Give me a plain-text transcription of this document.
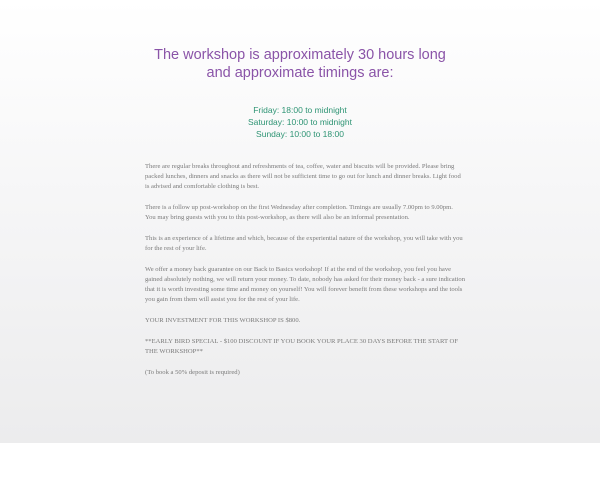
The workshop is approximately 30 hours long
and approximate timings are:
Friday: 18:00 to midnight
Saturday: 10:00 to midnight
Sunday: 10:00 to 18:00

There are regular breaks throughout and refreshments of tea, coffee, water and biscuits will be provided. Please bring packed lunches, dinners and snacks as there will not be sufficient time to go out for lunch and dinner breaks. Light food is advised and comfortable clothing is best.

There is a follow up post-workshop on the first Wednesday after completion. Timings are usually 7.00pm to 9.00pm. You may bring guests with you to this post-workshop, as there will also be an informal presentation.

This is an experience of a lifetime and which, because of the experiential nature of the workshop, you will take with you for the rest of your life.

We offer a money back guarantee on our Back to Basics workshop! If at the end of the workshop, you feel you have gained absolutely nothing, we will return your money. To date, nobody has asked for their money back - a sure indication that it is worth investing some time and money on yourself! You will forever benefit from these workshops and the tools you gain from them will assist you for the rest of your life.

YOUR INVESTMENT FOR THIS WORKSHOP IS $800.

**EARLY BIRD SPECIAL - $100 DISCOUNT IF YOU BOOK YOUR PLACE 30 DAYS BEFORE THE START OF THE WORKSHOP**

(To book a 50% deposit is required)
